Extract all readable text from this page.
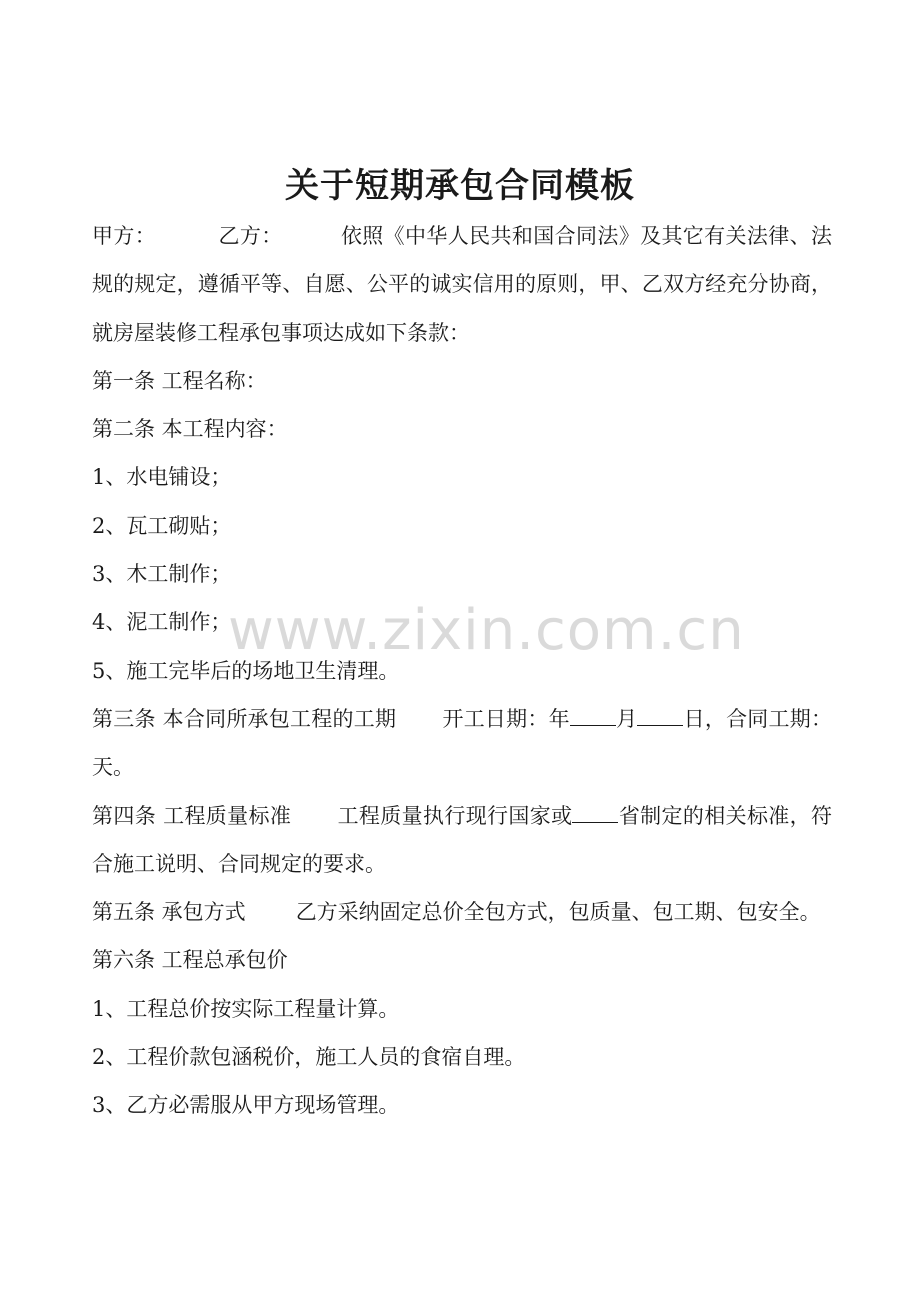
关于短期承包合同模板

甲方：	乙方：	依照《中华人民共和国合同法》及其它有关法律、法规的规定，遵循平等、自愿、公平的诚实信用的原则，甲、乙双方经充分协商，就房屋装修工程承包事项达成如下条款：

第一条 工程名称：

第二条 本工程内容：

1、水电铺设；

2、瓦工砌贴；

3、木工制作；

4、泥工制作；

5、施工完毕后的场地卫生清理。

第三条 本合同所承包工程的工期 开工日期：年 月 日，合同工期： 天。

第四条 工程质量标准 工程质量执行现行国家或 省制定的相关标准，符合施工说明、合同规定的要求。

第五条 承包方式 乙方采纳固定总价全包方式，包质量、包工期、包安全。

第六条 工程总承包价

1、工程总价按实际工程量计算。

2、工程价款包涵税价，施工人员的食宿自理。

3、乙方必需服从甲方现场管理。

www.zixin.com.cn
